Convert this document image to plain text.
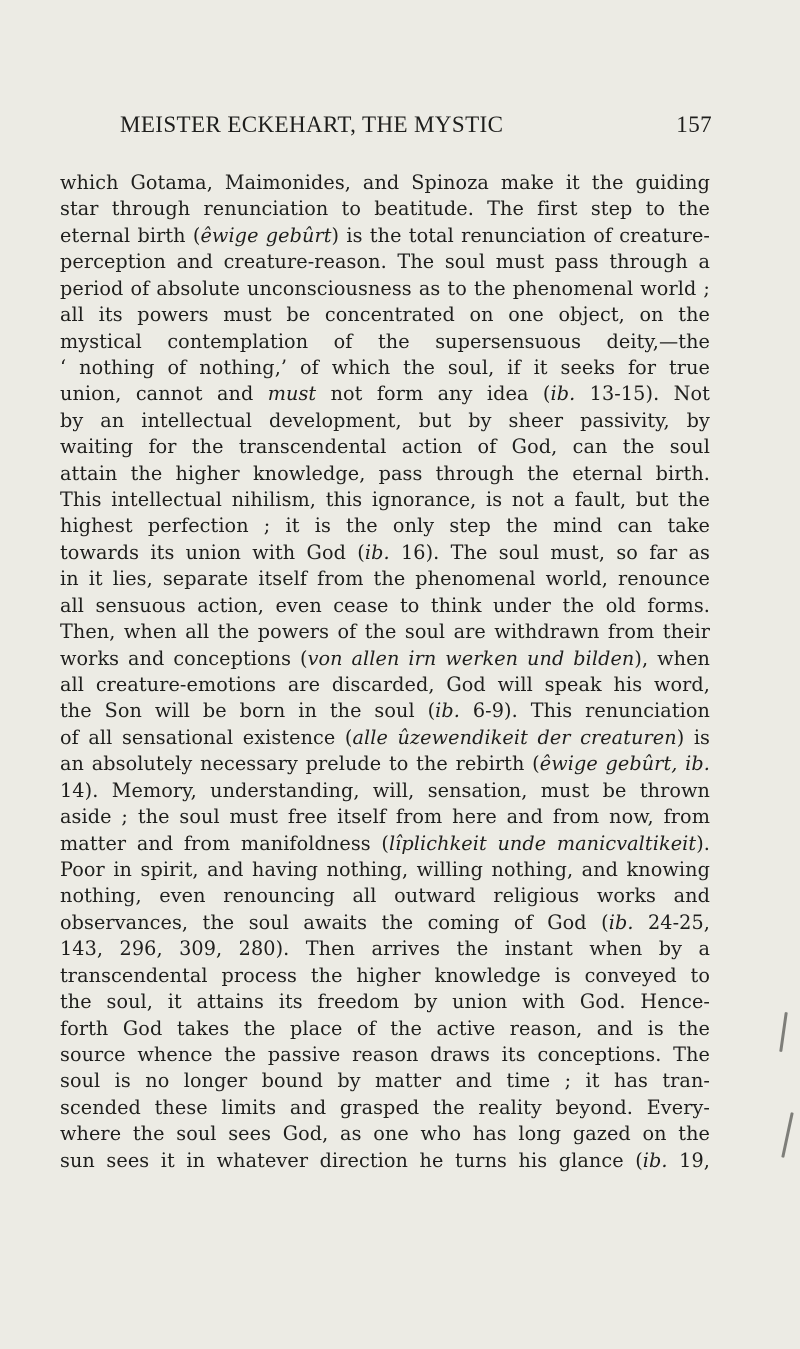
MEISTER ECKEHART, THE MYSTIC	157
which Gotama, Maimonides, and Spinoza make it the guiding
star through renunciation to beatitude. The first step to the
eternal birth (êwige gebûrt) is the total renunciation of creature-
perception and creature-reason. The soul must pass through a
period of absolute unconsciousness as to the phenomenal world ;
all its powers must be concentrated on one object, on the
mystical contemplation of the supersensuous deity,—the
‘ nothing of nothing,’ of which the soul, if it seeks for true
union, cannot and must not form any idea (ib. 13-15). Not
by an intellectual development, but by sheer passivity, by
waiting for the transcendental action of God, can the soul
attain the higher knowledge, pass through the eternal birth.
This intellectual nihilism, this ignorance, is not a fault, but the
highest perfection ; it is the only step the mind can take
towards its union with God (ib. 16). The soul must, so far as
in it lies, separate itself from the phenomenal world, renounce
all sensuous action, even cease to think under the old forms.
Then, when all the powers of the soul are withdrawn from their
works and conceptions (von allen irn werken und bilden), when
all creature-emotions are discarded, God will speak his word,
the Son will be born in the soul (ib. 6-9). This renunciation
of all sensational existence (alle ûzewendikeit der creaturen) is
an absolutely necessary prelude to the rebirth (êwige gebûrt, ib.
14). Memory, understanding, will, sensation, must be thrown
aside ; the soul must free itself from here and from now, from
matter and from manifoldness (lîplichkeit unde manicvaltikeit).
Poor in spirit, and having nothing, willing nothing, and knowing
nothing, even renouncing all outward religious works and
observances, the soul awaits the coming of God (ib. 24-25,
143, 296, 309, 280). Then arrives the instant when by a
transcendental process the higher knowledge is conveyed to
the soul, it attains its freedom by union with God. Hence-
forth God takes the place of the active reason, and is the
source whence the passive reason draws its conceptions. The
soul is no longer bound by matter and time ; it has tran-
scended these limits and grasped the reality beyond. Every-
where the soul sees God, as one who has long gazed on the
sun sees it in whatever direction he turns his glance (ib. 19,
